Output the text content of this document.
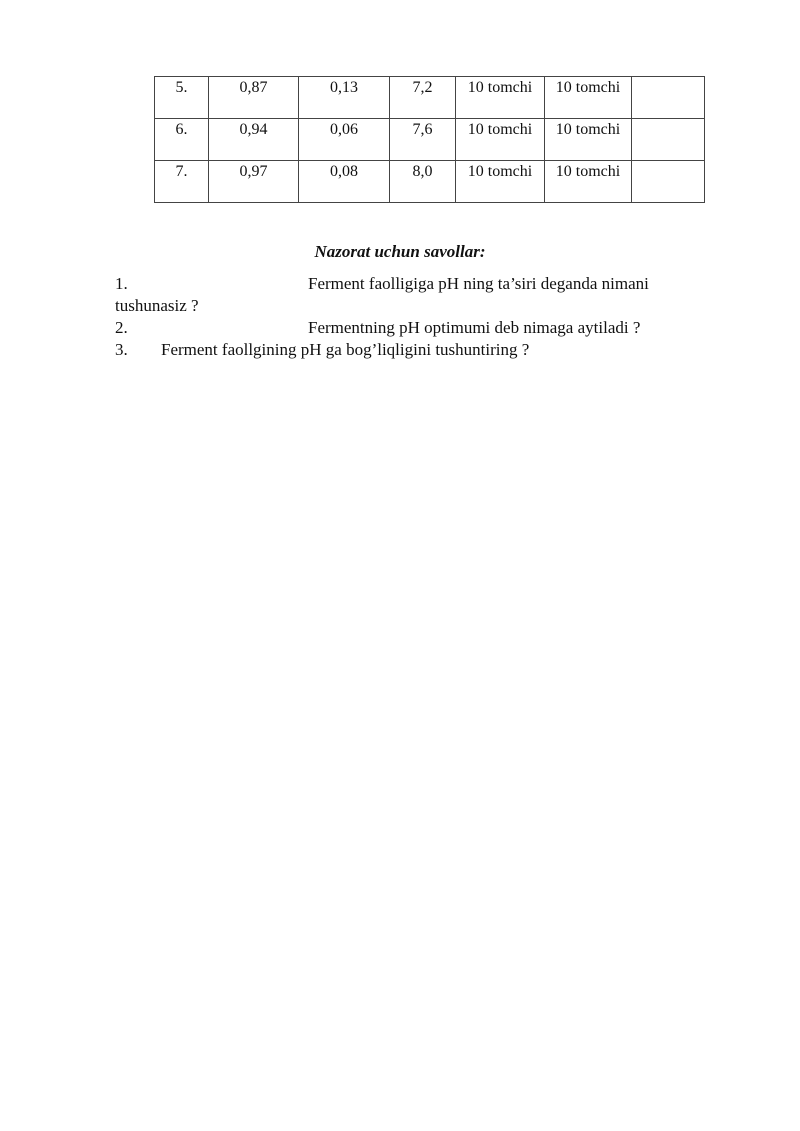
5.	0,87	0,13	7,2	10 tomchi	10 tomchi	
6.	0,94	0,06	7,6	10 tomchi	10 tomchi	
7.	0,97	0,08	8,0	10 tomchi	10 tomchi	

Nazorat uchun savollar:

1.	Ferment faolligiga pH ning ta’siri deganda nimani
tushunasiz ?
2.	Fermentning pH optimumi deb nimaga aytiladi ?
3. Ferment faollgining pH ga bog’liqligini tushuntiring ?
